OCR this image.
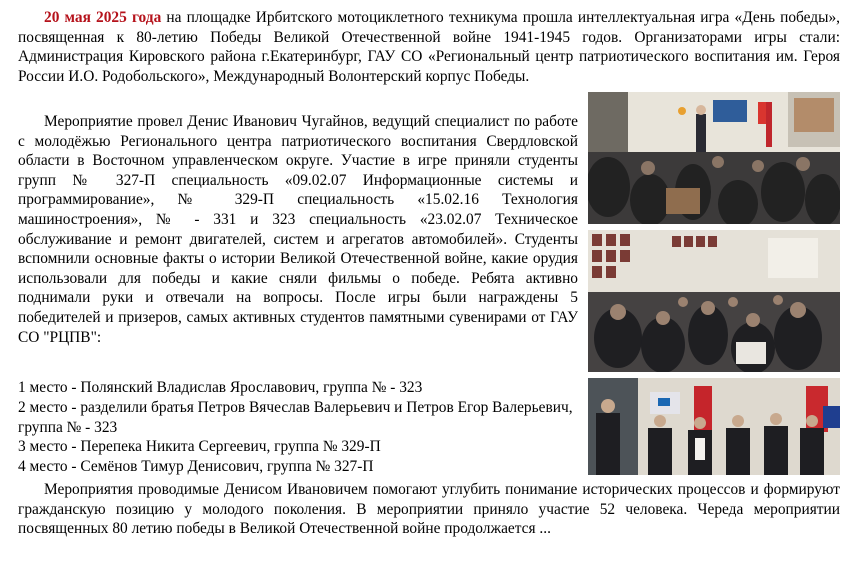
20 мая 2025 года на площадке Ирбитского мотоциклетного техникума прошла интеллектуальная игра «День победы», посвященная к 80-летию Победы Великой Отечественной войне 1941-1945 годов. Организаторами игры стали: Администрация Кировского района г.Екатеринбург, ГАУ СО «Региональный центр патриотического воспитания им. Героя России И.О. Родобольского», Международный Волонтерский корпус Победы.

Мероприятие провел Денис Иванович Чугайнов, ведущий специалист по работе с молодёжью Регионального центра патриотического воспитания Свердловской области в Восточном управленческом округе. Участие в игре приняли студенты групп № 327-П специальность «09.02.07 Информационные системы и программирование», № 329-П специальность «15.02.16 Технология машиностроения», № - 331 и 323 специальность «23.02.07 Техническое обслуживание и ремонт двигателей, систем и агрегатов автомобилей». Студенты вспомнили основные факты о истории Великой Отечественной войне, какие орудия использовали для победы и какие сняли фильмы о победе. Ребята активно поднимали руки и отвечали на вопросы. После игры были награждены 5 победителей и призеров, самых активных студентов памятными сувенирами от ГАУ СО "РЦПВ":

1 место - Полянский Владислав Ярославович, группа № - 323
2 место - разделили братья Петров Вячеслав Валерьевич и Петров Егор Валерьевич, группа № - 323
3 место - Перепека Никита Сергеевич, группа № 329-П
4 место - Семёнов Тимур Денисович, группа № 327-П

Мероприятия проводимые Денисом Ивановичем помогают углубить понимание исторических процессов и формируют гражданскую позицию у молодого поколения. В мероприятии приняло участие 52 человека. Череда мероприятии посвященных 80 летию победы в Великой Отечественной войне продолжается ...
